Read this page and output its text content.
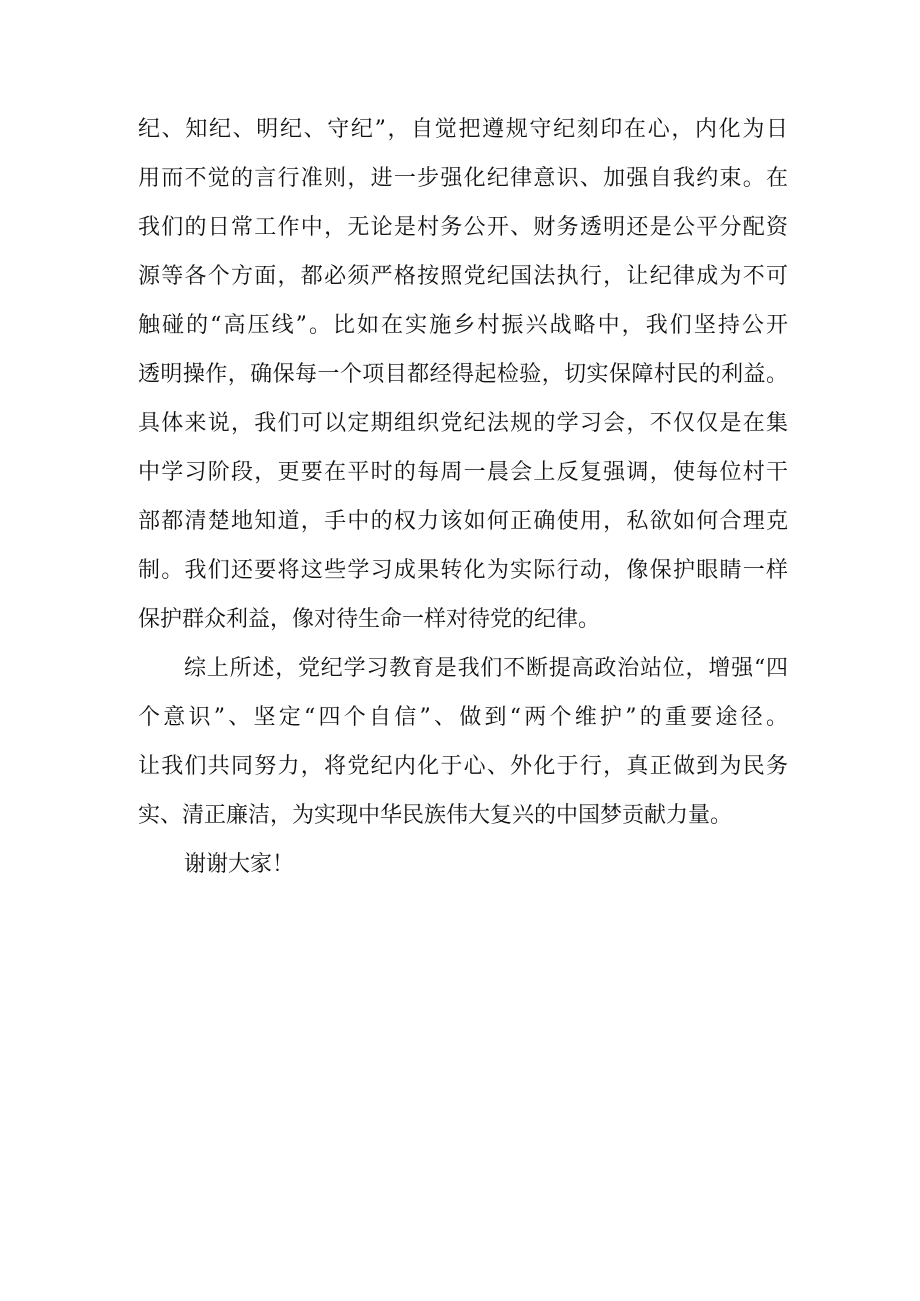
纪、知纪、明纪、守纪”，自觉把遵规守纪刻印在心，内化为日
用而不觉的言行准则，进一步强化纪律意识、加强自我约束。在
我们的日常工作中，无论是村务公开、财务透明还是公平分配资
源等各个方面，都必须严格按照党纪国法执行，让纪律成为不可
触碰的“高压线”。比如在实施乡村振兴战略中，我们坚持公开
透明操作，确保每一个项目都经得起检验，切实保障村民的利益。
具体来说，我们可以定期组织党纪法规的学习会，不仅仅是在集
中学习阶段，更要在平时的每周一晨会上反复强调，使每位村干
部都清楚地知道，手中的权力该如何正确使用，私欲如何合理克
制。我们还要将这些学习成果转化为实际行动，像保护眼睛一样
保护群众利益，像对待生命一样对待党的纪律。
综上所述，党纪学习教育是我们不断提高政治站位，增强“四
个意识”、坚定“四个自信”、做到“两个维护”的重要途径。
让我们共同努力，将党纪内化于心、外化于行，真正做到为民务
实、清正廉洁，为实现中华民族伟大复兴的中国梦贡献力量。
谢谢大家！
